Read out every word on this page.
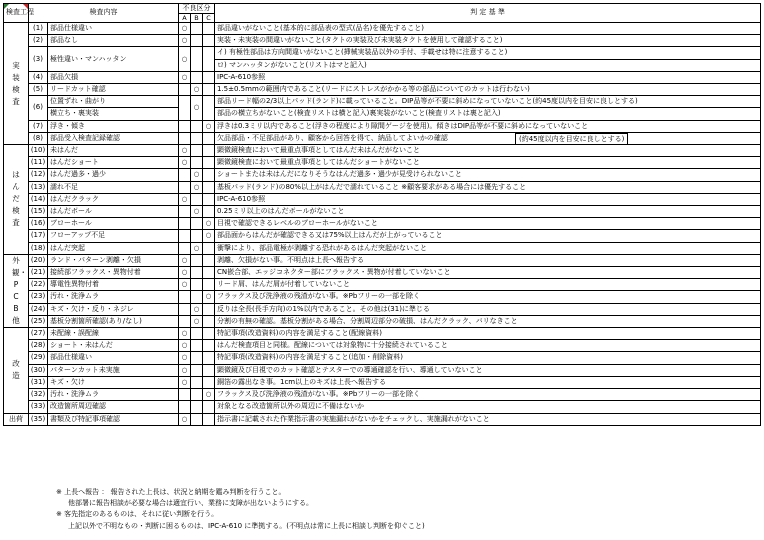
検査工程	検査内容		不良区分			判 定 基 準
			A	B	C	

実装検査	(1)	部品仕様違い	○			部品違いがないこと(基本的に部品表の型式(品名)を優先すること)
	(2)	部品なし	○			実装・未実装の間違いがないこと(タクトの実装及び未実装タクトを使用して確認すること)
	(3)	極性違い・マンハッタン	○			イ) 有極性部品は方向間違いがないこと(挿械実装品以外の手付、手載せは特に注意すること)
						ロ) マンハッタンがないこと(リストはマと記入)
	(4)	部品欠損	○			IPC-A-610参照
	(5)	リードカット確認		○		1.5±0.5mmの範囲内であること(リードにストレスがかかる等の部品についてのカットは行わない)
	(6)	位置ずれ・曲がり		○		部品リード幅の2/3以上パッド(ランド)に載っていること。DIP品等が不要に斜めになっていないこと(約45度以内を目安に良しとする)
		横立ち・裏実装				部品の横立ちがないこと(検査リストは横と記入)裏実装がないこと(検査リストは裏と記入)
	(7)	浮き・傾き			○	浮きは0.3ミリ以内であること(浮きの程度により隙間ゲージを使用)。傾きはDIP品等が不要に斜めになっていないこと
	(8)	部品受入検査記録確認				欠品部品・不足部品があり、顧客から回答を得て、納品してよいかの確認 (約45度以内を目安に良しとする)

はんだ検査	(10)	未はんだ	○			顕微鏡検査において最重点事項としてはんだ未はんだがないこと
	(11)	はんだショート	○			顕微鏡検査において最重点事項としてはんだショートがないこと
	(12)	はんだ過多・過少		○		ショートまたは未はんだになりそうなはんだ過多・過少が見受けられないこと
	(13)	濡れ不足		○		基板パッド(ランド)の80%以上がはんだで濡れていること ※顧客要求がある場合には優先すること
	(14)	はんだクラック	○			IPC-A-610参照
	(15)	はんだボール		○		0.25ミリ以上のはんだボールがないこと
	(16)	ブローホール			○	目視で確認できるレベルのブローホールがないこと
	(17)	フローアップ不足			○	部品面からはんだが確認できる又は75%以上はんだが上がっていること
	(18)	はんだ突起		○		衝撃により、部品電極が剥離する恐れがあるはんだ突起がないこと

外観・PCB他	(20)	ランド・パターン剥離・欠損	○			剥離、欠損がない事。不明点は上長へ報告する
	(21)	接続部フラックス・異物付着	○			CN嵌合部、エッジコネクター部にフラックス・異物が付着していないこと
	(22)	導電性異物付着	○			リード屑、はんだ屑が付着していないこと
	(23)	汚れ・洗浄ムラ			○	フラックス及び洗浄液の残渣がない事。※Pbフリーの一部を除く
	(24)	キズ・欠け・反り・ネジレ		○		反りは全長(長手方向)の1%以内であること。その他は(31)に準じる
	(25)	基板分割箇所確認(あり/なし)		○		分割の有無の確認。基板分割がある場合、分割周辺部分の破損、はんだクラック、バリなきこと

改造	(27)	未配線・誤配線	○			特記事項(改造資料)の内容を満足すること(配線資料)
	(28)	ショート・未はんだ	○			はんだ検査項目と同様。配線については対象物に十分接続されていること
	(29)	部品仕様違い	○			特記事項(改造資料)の内容を満足すること(追加・削除資料)
	(30)	パターンカット未実施	○			顕微鏡及び目視でのカット確認とテスターでの導通確認を行い、導通していないこと
	(31)	キズ・欠け	○			銅箔の露出なき事。1cm以上のキズは上長へ報告する
	(32)	汚れ・洗浄ムラ			○	フラックス及び洗浄液の残渣がない事。※Pbフリーの一部を除く
	(33)	改造箇所周辺確認				対象となる改造箇所以外の周辺に不備はないか
出荷	(35)	書類及び特記事項確認	○			指示書に記載された作業指示書の実施漏れがないかをチェックし、実施漏れがないこと
※ 上長へ報告 ： 報告された上長は、状況と納期を鑑み判断を行うこと。
他部署に報告相談が必要な場合は適宜行い、業務に支障が出ないようにする。
※ 客先指定のあるものは、それに従い判断を行う。
上記以外で不明なもの・判断に困るものは、IPC-A-610 に準拠する。(不明点は常に上長に相談し判断を仰ぐこと)
